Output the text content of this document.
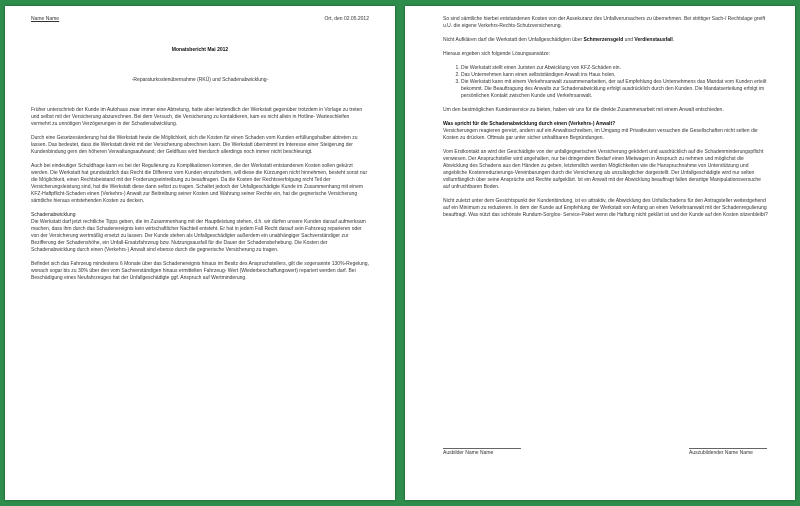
Name Name	Ort, den 02.05.2012
Monatsbericht Mai 2012
-Reparaturkostenübernahme (RKÜ) und Schadenabwicklung-

Früher unterschrieb der Kunde im Autohaus zwar immer eine Abtretung, hatte aber letztendlich der Werkstatt gegenüber trotzdem in Vorlage zu treten und selbst mit der Versicherung abzurechnen. Bei dem Versuch, die Versicherung zu kontaktieren, kam es nicht allein in Hotline- Warteschleifen vermehrt zu unnötigen Verzögerungen in der Schadenabwicklung.

Durch eine Gesetzesänderung hat die Werkstatt heute die Möglichkeit, sich die Kosten für einen Schaden vom Kunden erfüllungshalber abtreten zu lassen. Das bedeutet, dass die Werkstatt direkt mit der Versicherung abrechnen kann. Die Werkstatt übernimmt im Interesse einer Steigerung der Kundenbindung gern den höheren Verwaltungsaufwand; der Geldfluss wird hierdurch allerdings noch immer nicht beschleunigt.

Auch bei eindeutiger Schuldfrage kann es bei der Regulierung zu Komplikationen kommen, die der Werkstatt entstandenen Kosten sollen gekürzt werden. Die Werkstatt hat grundsätzlich das Recht die Differenz vom Kunden einzufordern, will diese die Kürzungen nicht hinnehmen, besteht sonst nur die Möglichkeit, einen Rechtsbeistand mit der Forderungseintreibung zu beauftragen. Da die Kosten der Rechtsverfolgung nicht Teil der Versicherungsleistung sind, hat die Werkstatt diese dann selbst zu tragen. Schaltet jedoch der Unfallgeschädigte Kunde im Zusammenhang mit einem KFZ-Haftpflicht-Schaden einen (Verkehrs-) Anwalt zur Beitreibung seiner Kosten und Wahrung seiner Rechte ein, hat die gegnerische Versicherung sämtliche hieraus entstehenden Kosten zu decken.

Schadenabwicklung

Die Werkstatt darf jetzt rechtliche Tipps geben, die im Zusammenhang mit der Hauptleistung stehen, d.h. wir dürfen unsere Kunden darauf aufmerksam machen, dass ihm durch das Schadenereignis kein wirtschaftlicher Nachteil entsteht. Er hat in jedem Fall Recht darauf sein Fahrzeug reparieren oder von der Versicherung wertmäßig ersetzt zu lassen. Der Kunde stehen als Unfallgeschädigter außerdem ein unabhängiger Sachverständiger zur Bezifferung der Schadenshöhe, ein Unfall-Ersatzfahrzeug bzw. Nutzungsausfall für die Dauer der Schadensbehebung. Die Kosten der Schadenabwicklung durch einen (Verkehrs-) Anwalt sind ebenso durch die gegnerische Versicherung zu tragen.

Befindet sich das Fahrzeug mindestens 6 Monate über das Schadenereignis hinaus im Besitz des Anspruchstellers, gilt die sogenannte 130%-Regelung, wonach sogar bis zu 30% über den vom Sachverständigen hinaus ermittelten Fahrzeug- Wert (Wiederbeschaffungswert) repariert werden darf. Bei Beschädigung eines Neufahrzeuges hat der Unfallgeschädigte ggf. Anspruch auf Wertminderung.

So sind sämtliche hierbei entstandenen Kosten von der Assekuranz des Unfallverursachers zu übernehmen. Bei strittiger Sach-/ Rechtslage greift u.U. die eigene Verkehrs-Rechts-Schutzversicherung.

Nicht Aufklären darf die Werkstatt den Unfallgeschädigten über Schmerzensgeld und Verdienstausfall.

Hieraus ergeben sich folgende Lösungsansätze:

1. Die Werkstatt stellt einen Juristen zur Abwicklung von KFZ-Schäden ein.
2. Das Unternehmen kann einen selbstständigen Anwalt ins Haus holen.
3. Die Werkstatt kann mit einem Verkehrsanwalt zusammenarbeiten, der auf Empfehlung des Unternehmens das Mandat vom Kunden erteilt bekommt. Die Beauftragung des Anwalts zur Schadenabwicklung erfolgt ausdrücklich durch den Kunden. Die Mandatserteilung erfolgt im persönlichen Kontakt zwischen Kunde und Verkehrsanwalt.

Um den bestmöglichen Kundenservice zu bieten, haben wir uns für die direkte Zusammenarbeit mit einem Anwalt entschieden.

Was spricht für die Schadenabwicklung durch einen (Verkehrs-) Anwalt?

Versicherungen reagieren gereizt, andern auf ein Anwaltsschreiben, im Umgang mit Privatleuten versuchen die Gesellschaften nicht selten die Kosten zu drücken. Oftmals gar unter sicher unhaltbaren Begründungen.

Vom Erstkontakt an wird der Geschädigte von der unfallgegnerischen Versicherung geködert und ausdrücklich auf die Schadenminderungspflicht verwiesen. Der Anspruchsteller wird angehalten, nur bei dringendem Bedarf einen Mietwagen in Anspruch zu nehmen und möglichst die Abwicklung des Schadens aus den Händen zu geben, letztendlich werden Möglichkeiten wie die Hanspruchnahme von Unterstützung und angebliche Kostenreduzierungs-Vereinbarungen durch die Versicherung als unzulänglicher dargestellt. Der Unfallgeschädigte wird nur selten vollumfänglich über seine Ansprüche und Rechte aufgeklärt. Ist ein Anwalt mit der Abwicklung beauftragt fallen derartige Manipulationsversuche auf unfruchtbaren Boden.

Nicht zuletzt unter dem Gesichtspunkt der Kundenbindung, ist es attraktiv, die Abwicklung des Unfallschadens für den Antragsteller weitestgehend auf ein Minimum zu reduzieren. In dem der Kunde auf Empfehlung der Werkstatt von Anfang an einen Verkehrsanwalt mit der Schadenregulierung beauftragt. Was nützt das schönste Rundum-Sorglos- Service-Paket wenn die Haftung nicht geklärt ist und der Kunde auf den Kosten sitzenbleibt?

Ausbilder Name Name	Auszubildender Name Name
